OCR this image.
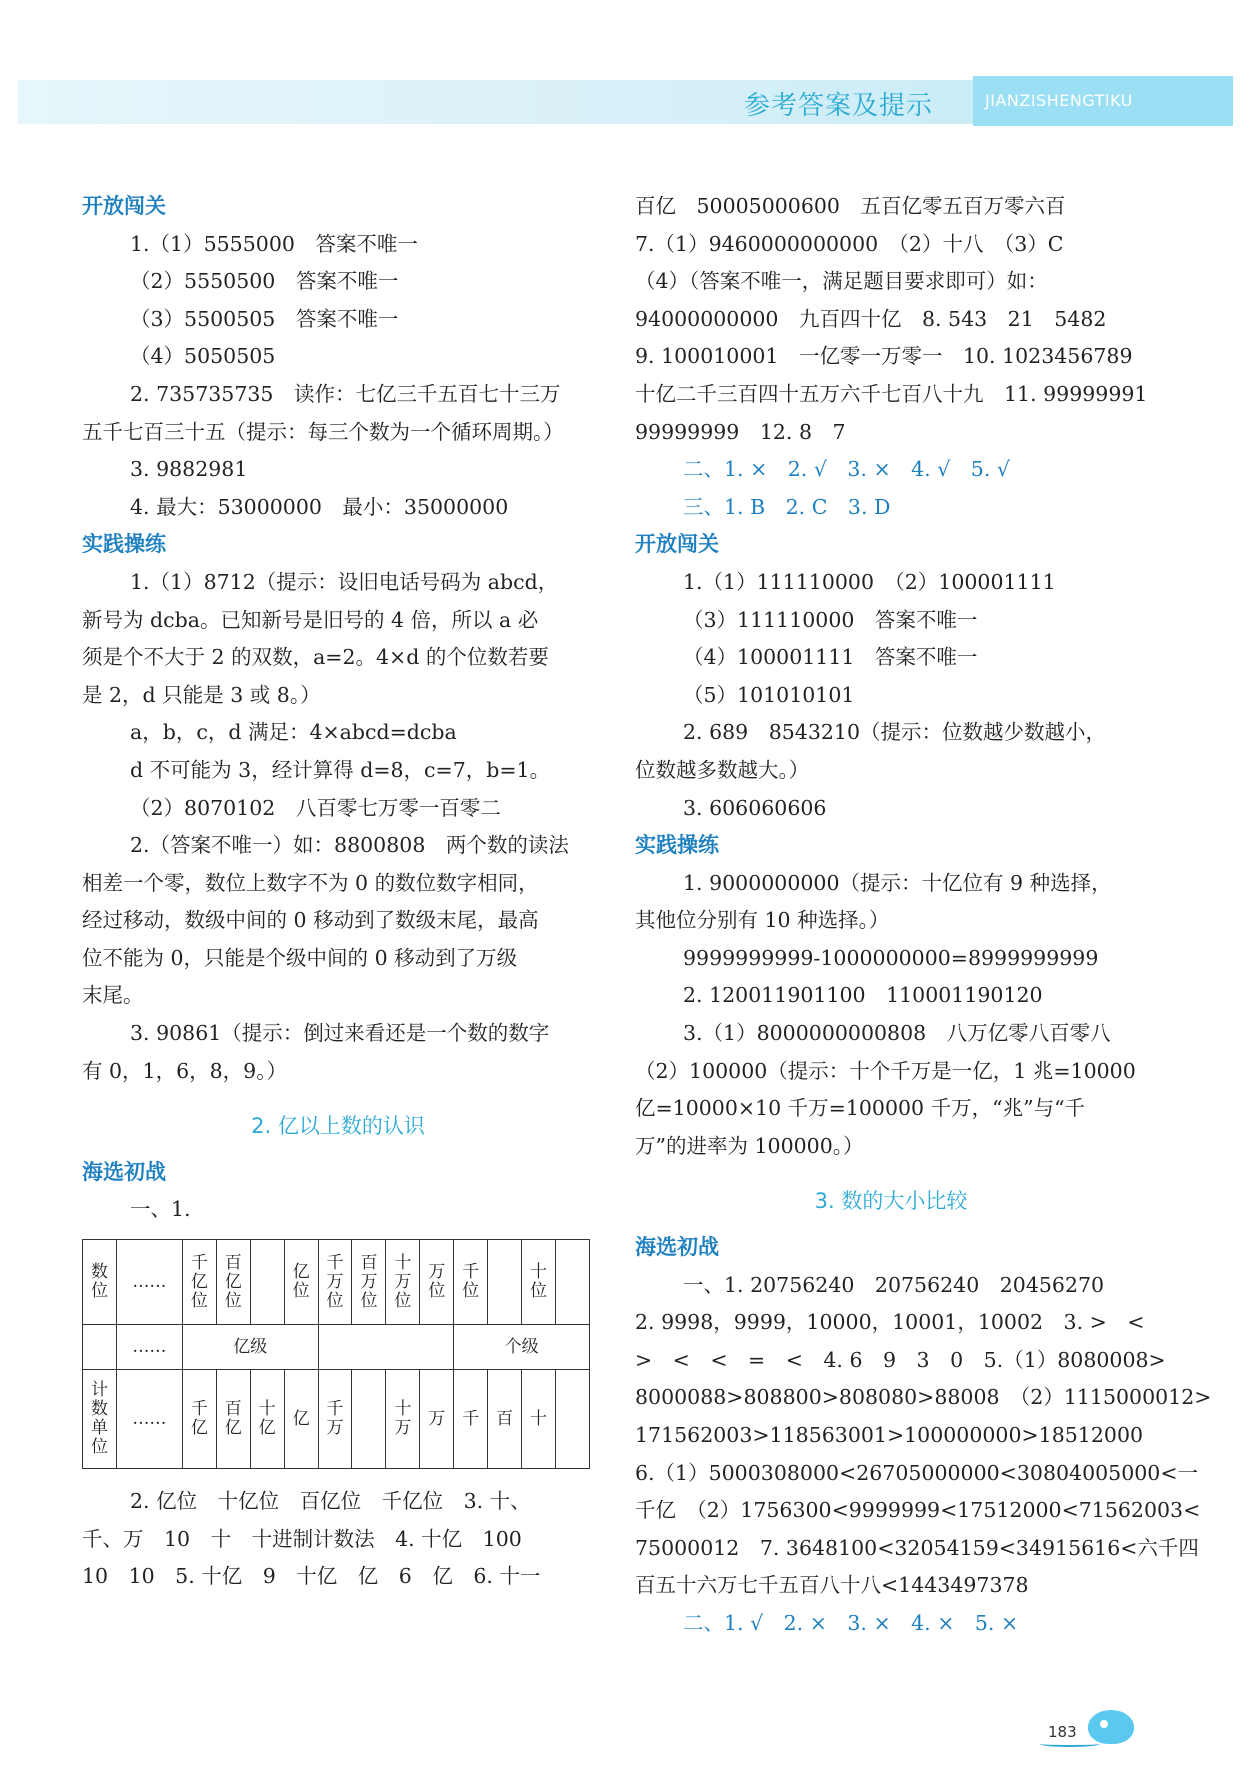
参考答案及提示	JIANZISHENGTIKU
开放闯关
1.（1）5555000　答案不唯一
（2）5550500　答案不唯一
（3）5500505　答案不唯一
（4）5050505
2. 735735735　读作：七亿三千五百七十三万
五千七百三十五（提示：每三个数为一个循环周期。）
3. 9882981
4. 最大：53000000　最小：35000000
实践操练
1.（1）8712（提示：设旧电话号码为 abcd，
新号为 dcba。已知新号是旧号的 4 倍，所以 a 必
须是个不大于 2 的双数，a=2。4×d 的个位数若要
是 2，d 只能是 3 或 8。）
a，b，c，d 满足：4×abcd=dcba
d 不可能为 3，经计算得 d=8，c=7，b=1。
（2）8070102　八百零七万零一百零二
2.（答案不唯一）如：8800808　两个数的读法
相差一个零，数位上数字不为 0 的数位数字相同，
经过移动，数级中间的 0 移动到了数级末尾，最高
位不能为 0，只能是个级中间的 0 移动到了万级
末尾。
3. 90861（提示：倒过来看还是一个数的数字
有 0，1，6，8，9。）
2. 亿以上数的认识
海选初战
一、1.
数位	……	千亿位	百亿位		亿位	千万位	百万位	十万位	万位	千位		十位	
	……	亿级								个级			
计数单位	……	千亿	百亿	十亿	亿	千万		十万	万	千	百	十	
2. 亿位　十亿位　百亿位　千亿位　3. 十、
千、万　10　十　十进制计数法　4. 十亿　100
10　10　5. 十亿　9　十亿　亿　6　亿　6. 十一
百亿　50005000600　五百亿零五百万零六百
7.（1）9460000000000　（2）十八　（3）C
（4）（答案不唯一，满足题目要求即可）如：
94000000000　九百四十亿　8. 543　21　5482
9. 100010001　一亿零一万零一　10. 1023456789
十亿二千三百四十五万六千七百八十九　11. 99999991
99999999　12. 8　7
二、1. ×　2. √　3. ×　4. √　5. √
三、1. B　2. C　3. D
开放闯关
1.（1）111110000　（2）100001111
（3）111110000　答案不唯一
（4）100001111　答案不唯一
（5）101010101
2. 689　8543210（提示：位数越少数越小，
位数越多数越大。）
3. 606060606
实践操练
1. 9000000000（提示：十亿位有 9 种选择，
其他位分别有 10 种选择。）
9999999999-1000000000=8999999999
2. 120011901100　110001190120
3.（1）8000000000808　八万亿零八百零八
（2）100000（提示：十个千万是一亿，1 兆=10000
亿=10000×10 千万=100000 千万，“兆”与“千
万”的进率为 100000。）
3. 数的大小比较
海选初战
一、1. 20756240　20756240　20456270
2. 9998，9999，10000，10001，10002　3. >　<
>　<　<　=　<　4. 6　9　3　0　5.（1）8080008>
8000088>808800>808080>88008　（2）1115000012>
171562003>118563001>100000000>18512000
6.（1）5000308000<26705000000<30804005000<一
千亿　（2）1756300<9999999<17512000<71562003<
75000012　7. 3648100<32054159<34915616<六千四
百五十六万七千五百八十八<1443497378
二、1. √　2. ×　3. ×　4. ×　5. ×
183
